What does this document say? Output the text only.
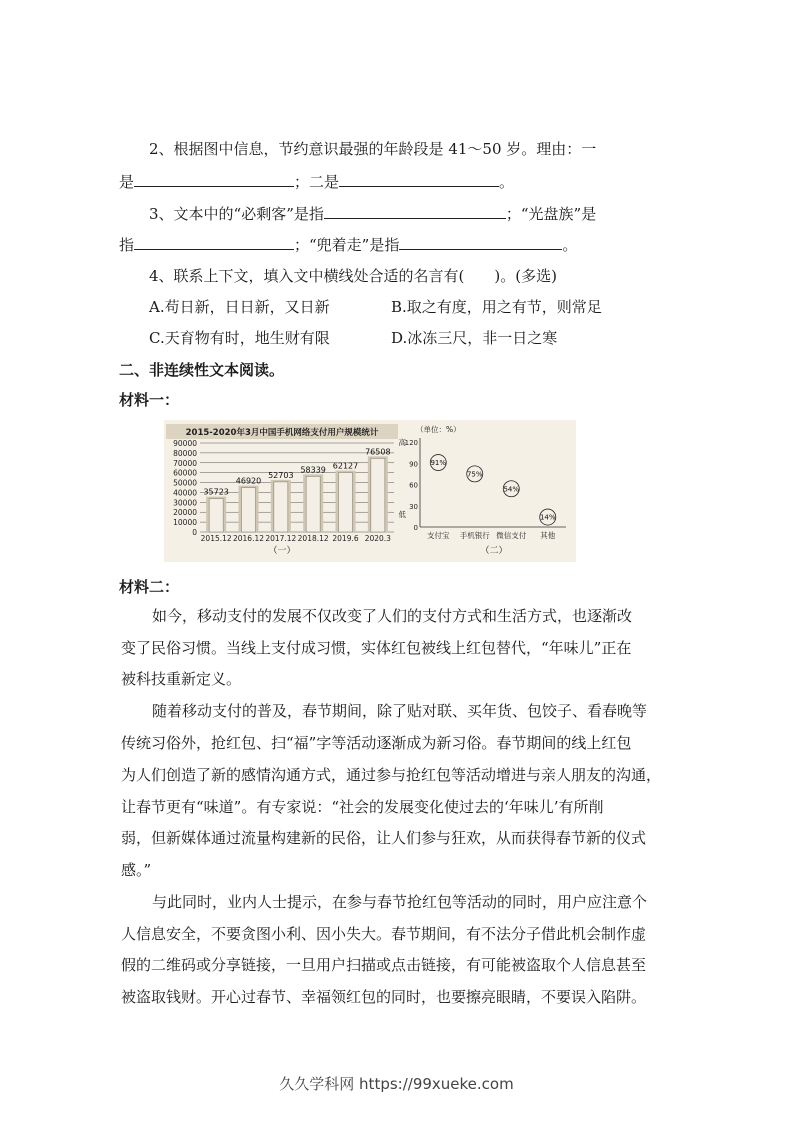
2、根据图中信息，节约意识最强的年龄段是 41～50 岁。理由：一
是	；二是	。
3、文本中的“必剩客”是指	；“光盘族”是
指	；“兜着走”是指	。
4、联系上下文，填入文中横线处合适的名言有(　　)。(多选)
A.苟日新，日日新，又日新	B.取之有度，用之有节，则常足
C.天育物有时，地生财有限	D.冰冻三尺，非一日之寒
二、非连续性文本阅读。
材料一：
2015-2020年3月中国手机网络支付用户规模统计
0
10000
20000
30000
40000
50000
60000
70000
80000
90000
35723
2015.12
46920
2016.12
52703
2017.12
58339
2018.12
62127
2019.6
76508
2020.3
（一）
（单位：%）
0
30
60
90
120
高
低
91%
支付宝
75%
手机银行
54%
微信支付
14%
其他
（二）
材料二：
如今，移动支付的发展不仅改变了人们的支付方式和生活方式，也逐渐改
变了民俗习惯。当线上支付成习惯，实体红包被线上红包替代，“年味儿”正在
被科技重新定义。
随着移动支付的普及，春节期间，除了贴对联、买年货、包饺子、看春晚等
传统习俗外，抢红包、扫“福”字等活动逐渐成为新习俗。春节期间的线上红包
为人们创造了新的感情沟通方式，通过参与抢红包等活动增进与亲人朋友的沟通，
让春节更有“味道”。有专家说：“社会的发展变化使过去的‘年味儿’有所削
弱，但新媒体通过流量构建新的民俗，让人们参与狂欢，从而获得春节新的仪式
感。”
与此同时，业内人士提示，在参与春节抢红包等活动的同时，用户应注意个
人信息安全，不要贪图小利、因小失大。春节期间，有不法分子借此机会制作虚
假的二维码或分享链接，一旦用户扫描或点击链接，有可能被盗取个人信息甚至
被盗取钱财。开心过春节、幸福领红包的同时，也要擦亮眼睛，不要误入陷阱。
久久学科网 https://99xueke.com
